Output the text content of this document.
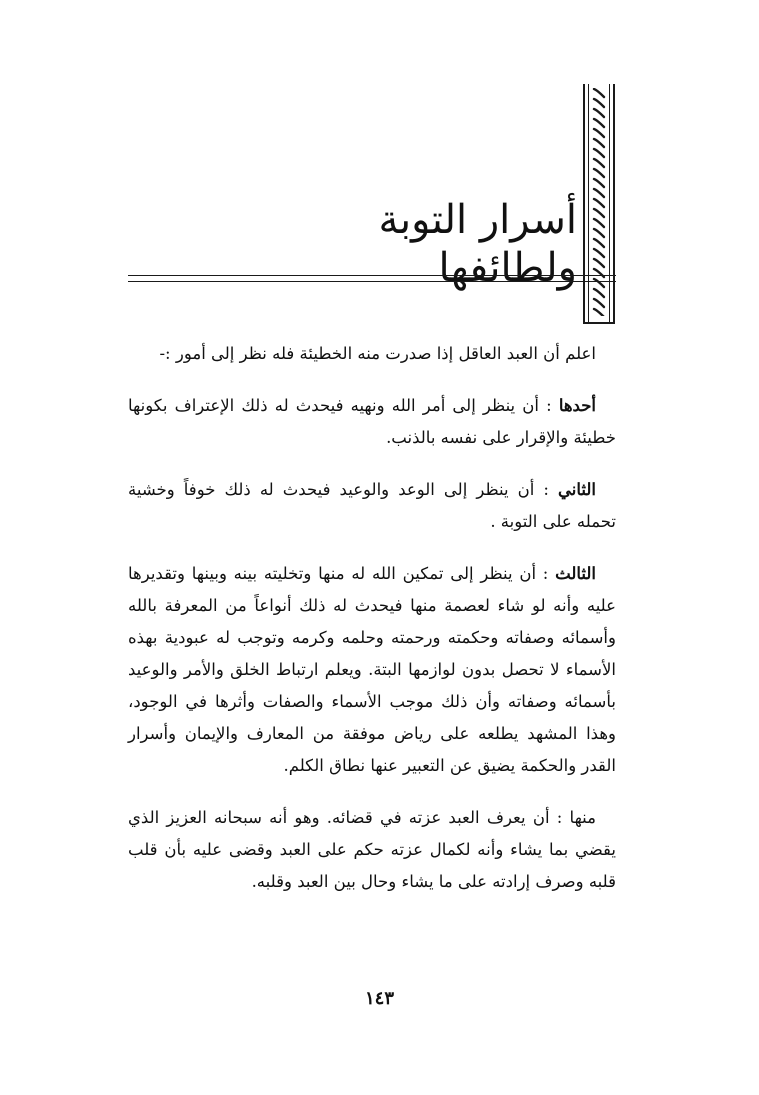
أسرار التوبة ولطائفها

اعلم أن العبد العاقل إذا صدرت منه الخطيئة فله نظر إلى أمور :-

أحدها : أن ينظر إلى أمر الله ونهيه فيحدث له ذلك الإعتراف بكونها خطيئة والإقرار على نفسه بالذنب.

الثاني : أن ينظر إلى الوعد والوعيد فيحدث له ذلك خوفاً وخشية تحمله على التوبة .

الثالث : أن ينظر إلى تمكين الله له منها وتخليته بينه وبينها وتقديرها عليه وأنه لو شاء لعصمة منها فيحدث له ذلك أنواعاً من المعرفة بالله وأسمائه وصفاته وحكمته ورحمته وحلمه وكرمه وتوجب له عبودية بهذه الأسماء لا تحصل بدون لوازمها البتة. ويعلم ارتباط الخلق والأمر والوعيد بأسمائه وصفاته وأن ذلك موجب الأسماء والصفات وأثرها في الوجود، وهذا المشهد يطلعه على رياض موفقة من المعارف والإيمان وأسرار القدر والحكمة يضيق عن التعبير عنها نطاق الكلم.

منها : أن يعرف العبد عزته في قضائه. وهو أنه سبحانه العزيز الذي يقضي بما يشاء وأنه لكمال عزته حكم على العبد وقضى عليه بأن قلب قلبه وصرف إرادته على ما يشاء وحال بين العبد وقلبه.

١٤٣
